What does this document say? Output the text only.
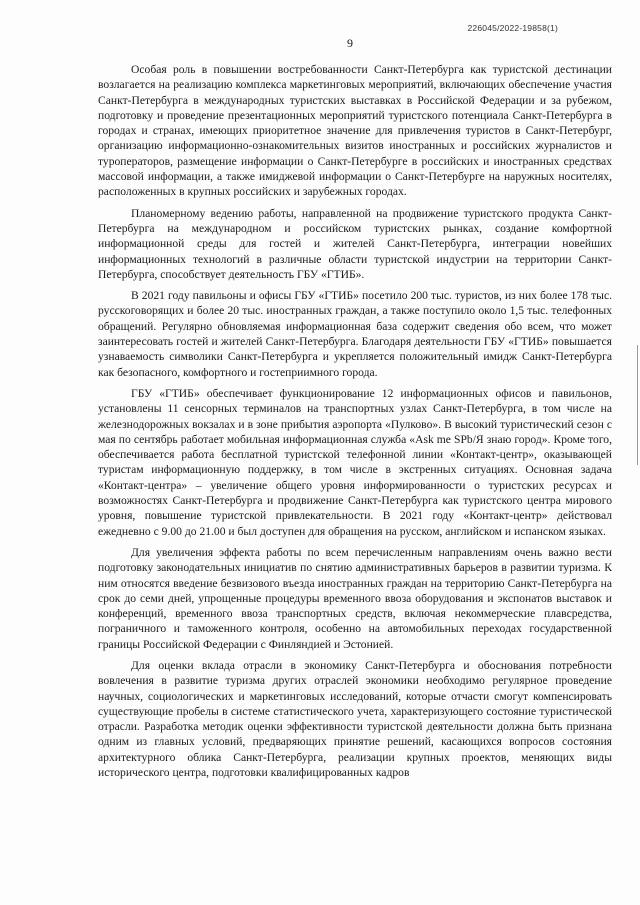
226045/2022-19858(1)
9

Особая роль в повышении востребованности Санкт-Петербурга как туристской дестинации возлагается на реализацию комплекса маркетинговых мероприятий, включающих обеспечение участия Санкт-Петербурга в международных туристских выставках в Российской Федерации и за рубежом, подготовку и проведение презентационных мероприятий туристского потенциала Санкт-Петербурга в городах и странах, имеющих приоритетное значение для привлечения туристов в Санкт-Петербург, организацию информационно-ознакомительных визитов иностранных и российских журналистов и туроператоров, размещение информации о Санкт-Петербурге в российских и иностранных средствах массовой информации, а также имиджевой информации о Санкт-Петербурге на наружных носителях, расположенных в крупных российских и зарубежных городах.

Планомерному ведению работы, направленной на продвижение туристского продукта Санкт-Петербурга на международном и российском туристских рынках, создание комфортной информационной среды для гостей и жителей Санкт-Петербурга, интеграции новейших информационных технологий в различные области туристской индустрии на территории Санкт-Петербурга, способствует деятельность ГБУ «ГТИБ».

В 2021 году павильоны и офисы ГБУ «ГТИБ» посетило 200 тыс. туристов, из них более 178 тыс. русскоговорящих и более 20 тыс. иностранных граждан, а также поступило около 1,5 тыс. телефонных обращений. Регулярно обновляемая информационная база содержит сведения обо всем, что может заинтересовать гостей и жителей Санкт-Петербурга. Благодаря деятельности ГБУ «ГТИБ» повышается узнаваемость символики Санкт-Петербурга и укрепляется положительный имидж Санкт-Петербурга как безопасного, комфортного и гостеприимного города.

ГБУ «ГТИБ» обеспечивает функционирование 12 информационных офисов и павильонов, установлены 11 сенсорных терминалов на транспортных узлах Санкт-Петербурга, в том числе на железнодорожных вокзалах и в зоне прибытия аэропорта «Пулково». В высокий туристический сезон с мая по сентябрь работает мобильная информационная служба «Ask me SPb/Я знаю город». Кроме того, обеспечивается работа бесплатной туристской телефонной линии «Контакт-центр», оказывающей туристам информационную поддержку, в том числе в экстренных ситуациях. Основная задача «Контакт-центра» – увеличение общего уровня информированности о туристских ресурсах и возможностях Санкт-Петербурга и продвижение Санкт-Петербурга как туристского центра мирового уровня, повышение туристской привлекательности. В 2021 году «Контакт-центр» действовал ежедневно с 9.00 до 21.00 и был доступен для обращения на русском, английском и испанском языках.

Для увеличения эффекта работы по всем перечисленным направлениям очень важно вести подготовку законодательных инициатив по снятию административных барьеров в развитии туризма. К ним относятся введение безвизового въезда иностранных граждан на территорию Санкт-Петербурга на срок до семи дней, упрощенные процедуры временного ввоза оборудования и экспонатов выставок и конференций, временного ввоза транспортных средств, включая некоммерческие плавсредства, пограничного и таможенного контроля, особенно на автомобильных переходах государственной границы Российской Федерации с Финляндией и Эстонией.

Для оценки вклада отрасли в экономику Санкт-Петербурга и обоснования потребности вовлечения в развитие туризма других отраслей экономики необходимо регулярное проведение научных, социологических и маркетинговых исследований, которые отчасти смогут компенсировать существующие пробелы в системе статистического учета, характеризующего состояние туристической отрасли. Разработка методик оценки эффективности туристской деятельности должна быть признана одним из главных условий, предваряющих принятие решений, касающихся вопросов состояния архитектурного облика Санкт-Петербурга, реализации крупных проектов, меняющих виды исторического центра, подготовки квалифицированных кадров
